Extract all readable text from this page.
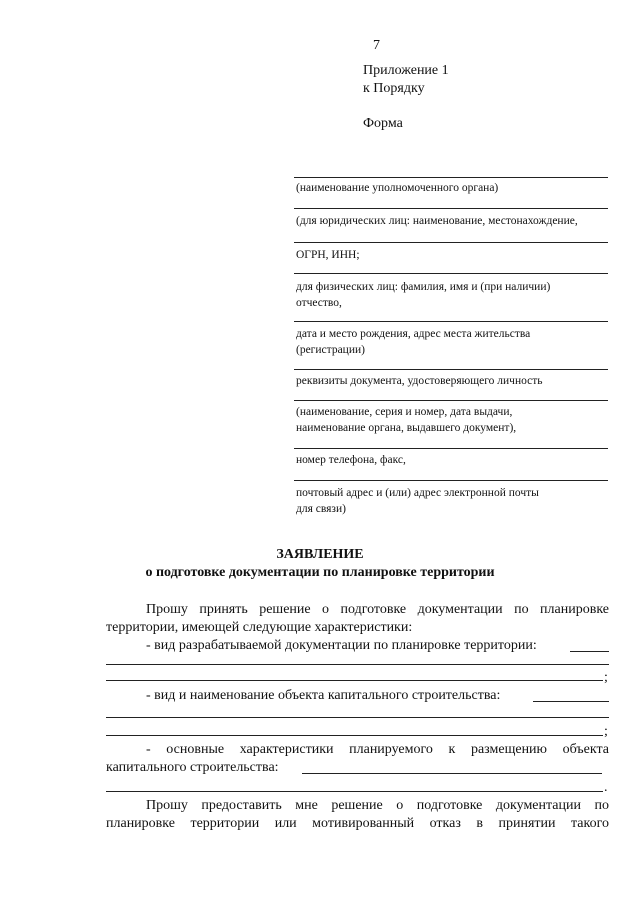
7
Приложение 1
к Порядку
Форма
(наименование уполномоченного органа)
(для юридических лиц: наименование, местонахождение,
ОГРН, ИНН;
для физических лиц: фамилия, имя и (при наличии)
отчество,
дата и место рождения, адрес места жительства
(регистрации)
реквизиты документа, удостоверяющего личность
(наименование, серия и номер, дата выдачи,
наименование органа, выдавшего документ),
номер телефона, факс,
почтовый адрес и (или) адрес электронной почты
для связи)
ЗАЯВЛЕНИЕ
о подготовке документации по планировке территории
Прошу принять решение о подготовке документации по планировке
территории, имеющей следующие характеристики:
- вид разрабатываемой документации по планировке территории:
;
- вид и наименование объекта капитального строительства:
;
- основные характеристики планируемого к размещению объекта
капитального строительства:
.
Прошу предоставить мне решение о подготовке документации по
планировке территории или мотивированный отказ в принятии такого
